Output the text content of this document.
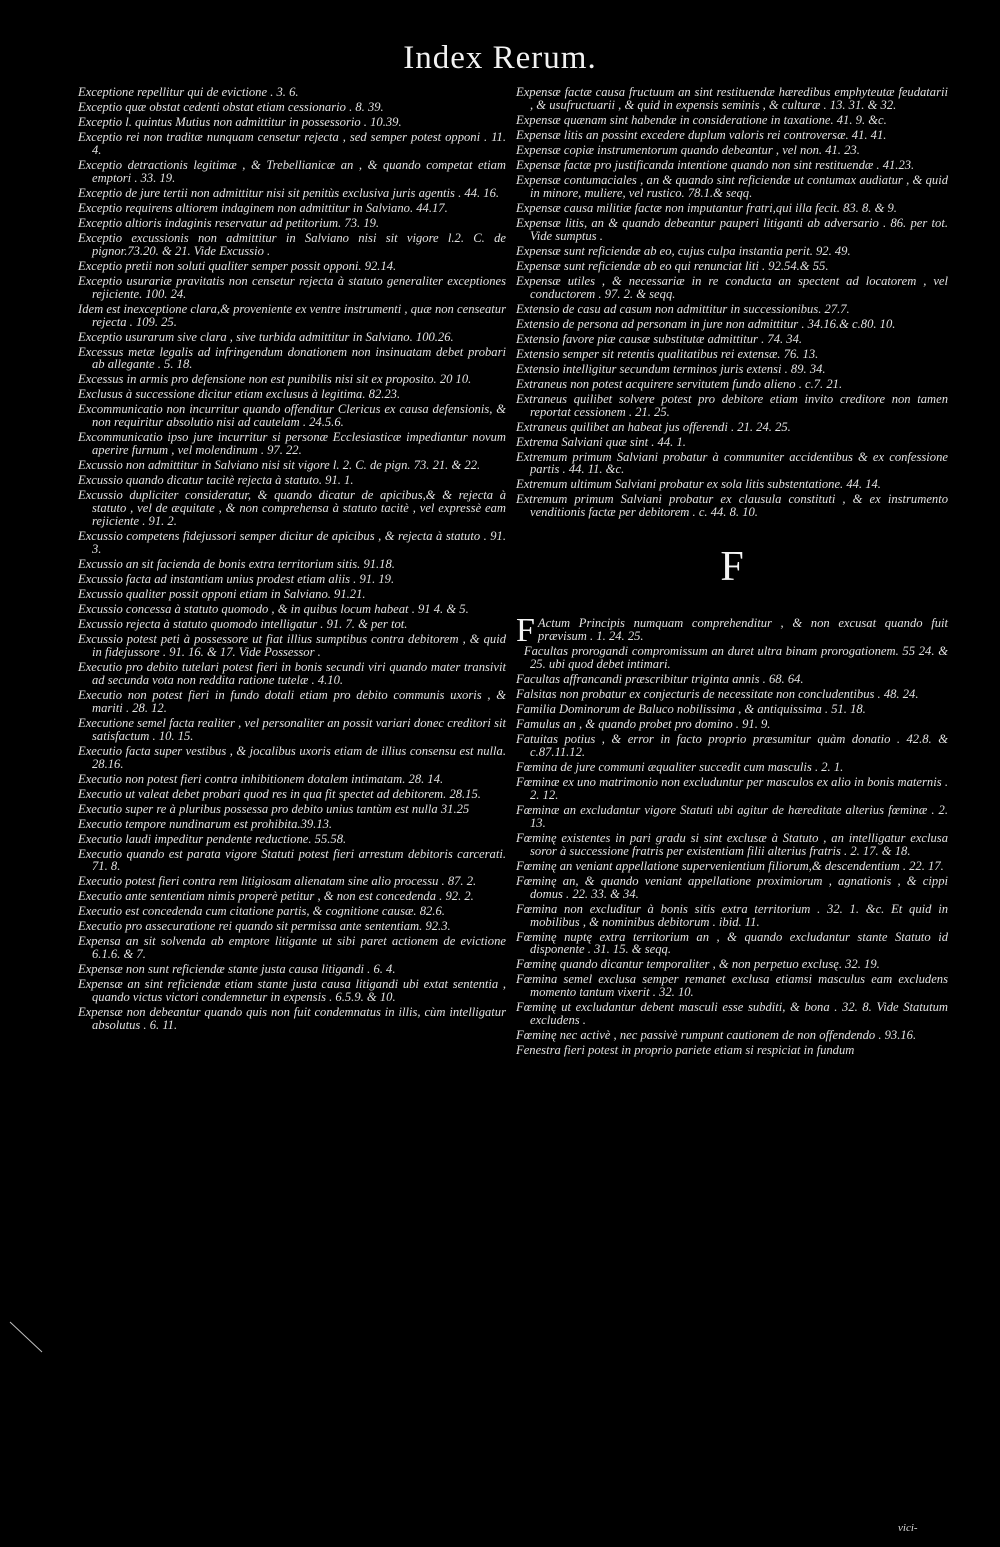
Index Rerum.

Exceptione repellitur qui de evictione . 3. 6.

Exceptio quæ obstat cedenti obstat etiam cessionario . 8. 39.

Exceptio l. quintus Mutius non admittitur in possessorio . 10.39.

Exceptio rei non traditæ nunquam censetur rejecta , sed semper potest opponi . 11. 4.

Exceptio detractionis legitimæ , & Trebellianicæ an , & quando competat etiam emptori . 33. 19.

Exceptio de jure tertii non admittitur nisi sit penitùs exclusiva juris agentis . 44. 16.

Exceptio requirens altiorem indaginem non admittitur in Salviano. 44.17.

Exceptio altioris indaginis reservatur ad petitorium. 73. 19.

Exceptio excussionis non admittitur in Salviano nisi sit vigore l.2. C. de pignor.73.20. & 21. Vide Excussio .

Exceptio pretii non soluti qualiter semper possit opponi. 92.14.

Exceptio usurariæ pravitatis non censetur rejecta à statuto generaliter exceptiones rejiciente. 100. 24.

Idem est inexceptione clara,& proveniente ex ventre instrumenti , quæ non censeatur rejecta . 109. 25.

Exceptio usurarum sive clara , sive turbida admittitur in Salviano. 100.26.

Excessus metæ legalis ad infringendum donationem non insinuatam debet probari ab allegante . 5. 18.

Excessus in armis pro defensione non est punibilis nisi sit ex proposito. 20 10.

Exclusus à successione dicitur etiam exclusus à legitima. 82.23.

Excommunicatio non incurritur quando offenditur Clericus ex causa defensionis, & non requiritur absolutio nisi ad cautelam . 24.5.6.

Excommunicatio ipso jure incurritur si personæ Ecclesiasticæ impediantur novum aperire furnum , vel molendinum . 97. 22.

Excussio non admittitur in Salviano nisi sit vigore l. 2. C. de pign. 73. 21. & 22.

Excussio quando dicatur tacitè rejecta à statuto. 91. 1.

Excussio dupliciter consideratur, & quando dicatur de apicibus,& & rejecta à statuto , vel de æquitate , & non comprehensa à statuto tacitè , vel expressè eam rejiciente . 91. 2.

Excussio competens fidejussori semper dicitur de apicibus , & rejecta à statuto . 91. 3.

Excussio an sit facienda de bonis extra territorium sitis. 91.18.

Excussio facta ad instantiam unius prodest etiam aliis . 91. 19.

Excussio qualiter possit opponi etiam in Salviano. 91.21.

Excussio concessa à statuto quomodo , & in quibus locum habeat . 91 4. & 5.

Excussio rejecta à statuto quomodo intelligatur . 91. 7. & per tot.

Excussio potest peti à possessore ut fiat illius sumptibus contra debitorem , & quid in fidejussore . 91. 16. & 17. Vide Possessor .

Executio pro debito tutelari potest fieri in bonis secundi viri quando mater transivit ad secunda vota non reddita ratione tutelæ . 4.10.

Executio non potest fieri in fundo dotali etiam pro debito communis uxoris , & mariti . 28. 12.

Executione semel facta realiter , vel personaliter an possit variari donec creditori sit satisfactum . 10. 15.

Executio facta super vestibus , & jocalibus uxoris etiam de illius consensu est nulla. 28.16.

Executio non potest fieri contra inhibitionem dotalem intimatam. 28. 14.

Executio ut valeat debet probari quod res in qua fit spectet ad debitorem. 28.15.

Executio super re à pluribus possessa pro debito unius tantùm est nulla 31.25

Executio tempore nundinarum est prohibita.39.13.

Executio laudi impeditur pendente reductione. 55.58.

Executio quando est parata vigore Statuti potest fieri arrestum debitoris carcerati. 71. 8.

Executio potest fieri contra rem litigiosam alienatam sine alio processu . 87. 2.

Executio ante sententiam nimis properè petitur , & non est concedenda . 92. 2.

Executio est concedenda cum citatione partis, & cognitione causæ. 82.6.

Executio pro assecuratione rei quando sit permissa ante sententiam. 92.3.

Expensa an sit solvenda ab emptore litigante ut sibi paret actionem de evictione 6.1.6. & 7.

Expensæ non sunt reficiendæ stante justa causa litigandi . 6. 4.

Expensæ an sint reficiendæ etiam stante justa causa litigandi ubi extat sententia , quando victus victori condemnetur in expensis . 6.5.9. & 10.

Expensæ non debeantur quando quis non fuit condemnatus in illis, cùm intelligatur absolutus . 6. 11.

Expensæ factæ causa fructuum an sint restituendæ hæredibus emphyteutæ feudatarii , & usufructuarii , & quid in expensis seminis , & culturæ . 13. 31. & 32.

Expensæ quænam sint habendæ in consideratione in taxatione. 41. 9. &c.

Expensæ litis an possint excedere duplum valoris rei controversæ. 41. 41.

Expensæ copiæ instrumentorum quando debeantur , vel non. 41. 23.

Expensæ factæ pro justificanda intentione quando non sint restituendæ . 41.23.

Expensæ contumaciales , an & quando sint reficiendæ ut contumax audiatur , & quid in minore, muliere, vel rustico. 78.1.& seqq.

Expensæ causa militiæ factæ non imputantur fratri,qui illa fecit. 83. 8. & 9.

Expensæ litis, an & quando debeantur pauperi litiganti ab adversario . 86. per tot. Vide sumptus .

Expensæ sunt reficiendæ ab eo, cujus culpa instantia perit. 92. 49.

Expensæ sunt reficiendæ ab eo qui renunciat liti . 92.54.& 55.

Expensæ utiles , & necessariæ in re conducta an spectent ad locatorem , vel conductorem . 97. 2. & seqq.

Extensio de casu ad casum non admittitur in successionibus. 27.7.

Extensio de persona ad personam in jure non admittitur . 34.16.& c.80. 10.

Extensio favore piæ causæ substitutæ admittitur . 74. 34.

Extensio semper sit retentis qualitatibus rei extensæ. 76. 13.

Extensio intelligitur secundum terminos juris extensi . 89. 34.

Extraneus non potest acquirere servitutem fundo alieno . c.7. 21.

Extraneus quilibet solvere potest pro debitore etiam invito creditore non tamen reportat cessionem . 21. 25.

Extraneus quilibet an habeat jus offerendi . 21. 24. 25.

Extrema Salviani quæ sint . 44. 1.

Extremum primum Salviani probatur à communiter accidentibus & ex confessione partis . 44. 11. &c.

Extremum ultimum Salviani probatur ex sola litis substentatione. 44. 14.

Extremum primum Salviani probatur ex clausula constituti , & ex instrumento venditionis factæ per debitorem . c. 44. 8. 10.

F

F Actum Principis numquam comprehenditur , & non excusat quando fuit prævisum . 1. 24. 25.

Facultas prorogandi compromissum an duret ultra binam prorogationem. 55 24. & 25. ubi quod debet intimari.

Facultas affrancandi præscribitur triginta annis . 68. 64.

Falsitas non probatur ex conjecturis de necessitate non concludentibus . 48. 24.

Familia Dominorum de Baluco nobilissima , & antiquissima . 51. 18.

Famulus an , & quando probet pro domino . 91. 9.

Fatuitas potius , & error in facto proprio præsumitur quàm donatio . 42.8. & c.87.11.12.

Fœmina de jure communi æqualiter succedit cum masculis . 2. 1.

Fœminæ ex uno matrimonio non excluduntur per masculos ex alio in bonis maternis . 2. 12.

Fœminæ an excludantur vigore Statuti ubi agitur de hæreditate alterius fœminæ . 2. 13.

Fœminę existentes in pari gradu si sint exclusæ à Statuto , an intelligatur exclusa soror à successione fratris per existentiam filii alterius fratris . 2. 17. & 18.

Fœminę an veniant appellatione supervenientium filiorum,& descendentium . 22. 17.

Fœminę an, & quando veniant appellatione proximiorum , agnationis , & cippi domus . 22. 33. & 34.

Fœmina non excluditur à bonis sitis extra territorium . 32. 1. &c. Et quid in mobilibus , & nominibus debitorum . ibid. 11.

Fœminę nuptę extra territorium an , & quando excludantur stante Statuto id disponente . 31. 15. & seqq.

Fœminę quando dicantur temporaliter , & non perpetuo exclusę. 32. 19.

Fœmina semel exclusa semper remanet exclusa etiamsi masculus eam excludens momento tantum vixerit . 32. 10.

Fœminę ut excludantur debent masculi esse subditi, & bona . 32. 8. Vide Statutum excludens .

Fœminę nec activè , nec passivè rumpunt cautionem de non offendendo . 93.16.

Fenestra fieri potest in proprio pariete etiam si respiciat in fundum

vici-
